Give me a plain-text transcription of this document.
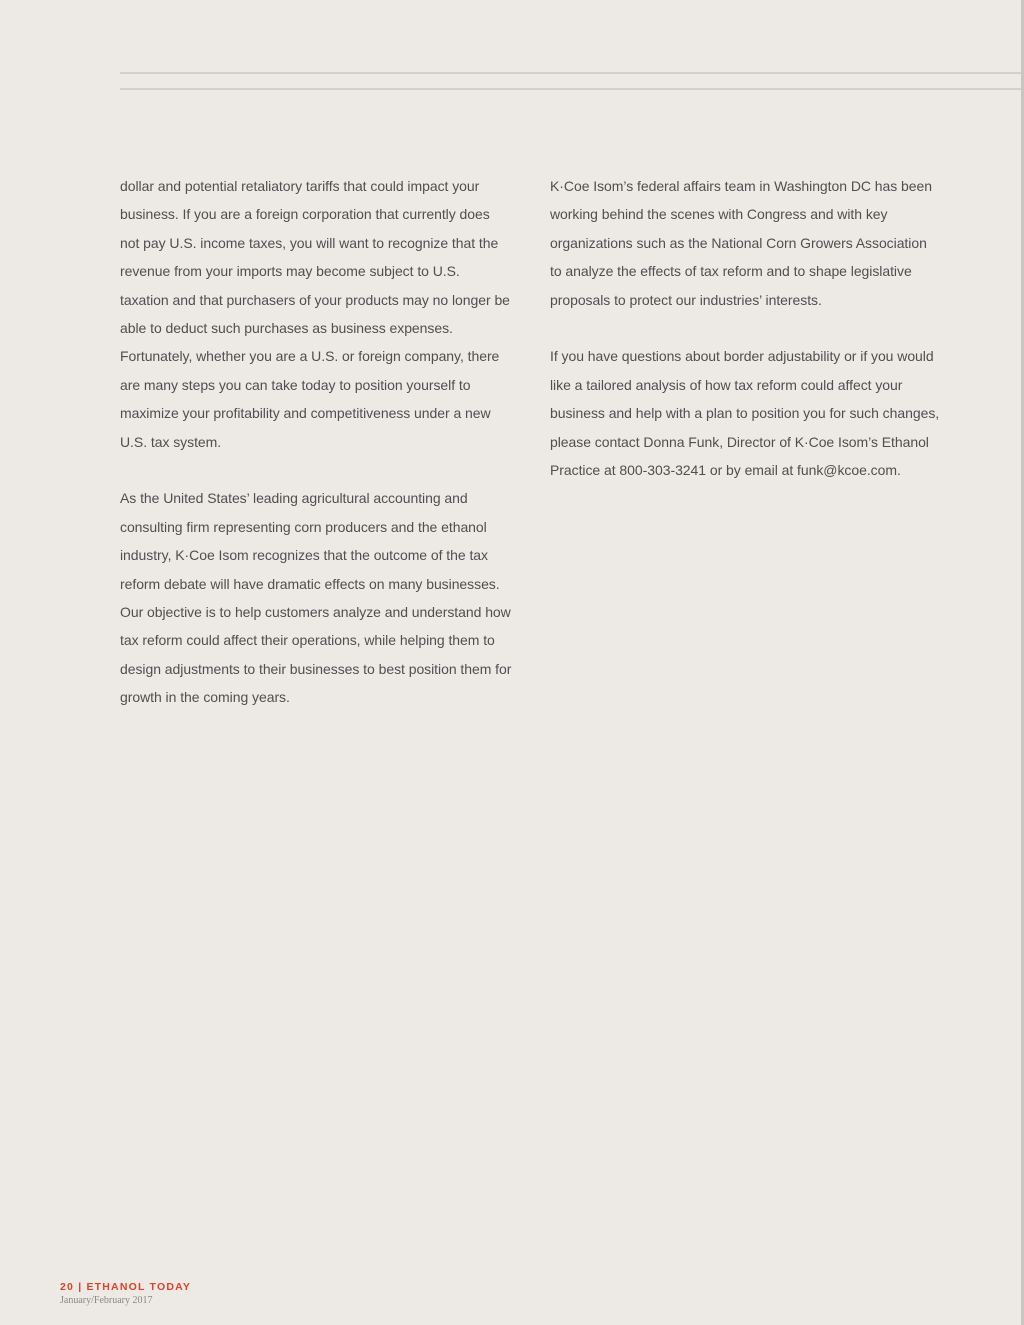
dollar and potential retaliatory tariffs that could impact your business. If you are a foreign corporation that currently does not pay U.S. income taxes, you will want to recognize that the revenue from your imports may become subject to U.S. taxation and that purchasers of your products may no longer be able to deduct such purchases as business expenses. Fortunately, whether you are a U.S. or foreign company, there are many steps you can take today to position yourself to maximize your profitability and competitiveness under a new U.S. tax system.

As the United States’ leading agricultural accounting and consulting firm representing corn producers and the ethanol industry, K·Coe Isom recognizes that the outcome of the tax reform debate will have dramatic effects on many businesses. Our objective is to help customers analyze and understand how tax reform could affect their operations, while helping them to design adjustments to their businesses to best position them for growth in the coming years.

K·Coe Isom’s federal affairs team in Washington DC has been working behind the scenes with Congress and with key organizations such as the National Corn Growers Association to analyze the effects of tax reform and to shape legislative proposals to protect our industries’ interests.

If you have questions about border adjustability or if you would like a tailored analysis of how tax reform could affect your business and help with a plan to position you for such changes, please contact Donna Funk, Director of K·Coe Isom’s Ethanol Practice at 800-303-3241 or by email at funk@kcoe.com.

20 | ETHANOL TODAY
January/February 2017
